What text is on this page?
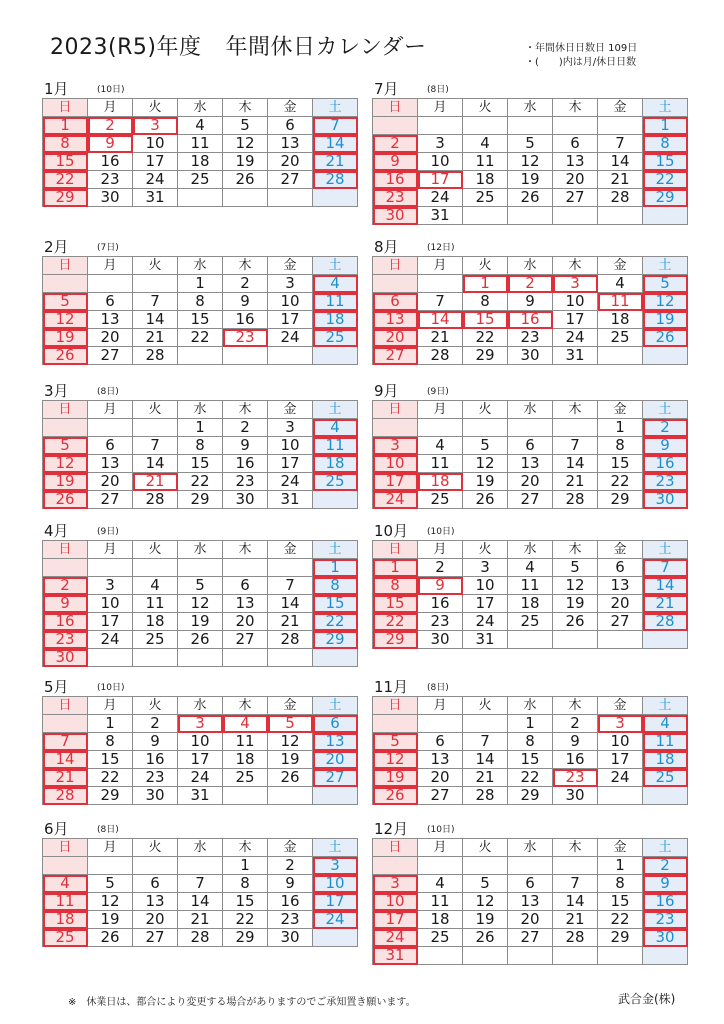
2023(R5)年度 年間休日カレンダー	・年間休日日数日 109日
・(　　)内は月/休日日数
1月	(10日)
日	月	火	水	木	金	土
1	2	3	4	5	6	7
8	9	10	11	12	13	14
15	16	17	18	19	20	21
22	23	24	25	26	27	28
29	30	31				
2月	(7日)
日	月	火	水	木	金	土
			1	2	3	4
5	6	7	8	9	10	11
12	13	14	15	16	17	18
19	20	21	22	23	24	25
26	27	28				
3月	(8日)
日	月	火	水	木	金	土
			1	2	3	4
5	6	7	8	9	10	11
12	13	14	15	16	17	18
19	20	21	22	23	24	25
26	27	28	29	30	31	
4月	(9日)
日	月	火	水	木	金	土
						1
2	3	4	5	6	7	8
9	10	11	12	13	14	15
16	17	18	19	20	21	22
23	24	25	26	27	28	29
30						
5月	(10日)
日	月	火	水	木	金	土
	1	2	3	4	5	6
7	8	9	10	11	12	13
14	15	16	17	18	19	20
21	22	23	24	25	26	27
28	29	30	31			
6月	(8日)
日	月	火	水	木	金	土
				1	2	3
4	5	6	7	8	9	10
11	12	13	14	15	16	17
18	19	20	21	22	23	24
25	26	27	28	29	30	
7月	(8日)
日	月	火	水	木	金	土
						1
2	3	4	5	6	7	8
9	10	11	12	13	14	15
16	17	18	19	20	21	22
23	24	25	26	27	28	29
30	31					
8月	(12日)
日	月	火	水	木	金	土
		1	2	3	4	5
6	7	8	9	10	11	12
13	14	15	16	17	18	19
20	21	22	23	24	25	26
27	28	29	30	31		
9月	(9日)
日	月	火	水	木	金	土
					1	2
3	4	5	6	7	8	9
10	11	12	13	14	15	16
17	18	19	20	21	22	23
24	25	26	27	28	29	30
10月 (10日)
日	月	火	水	木	金	土
1	2	3	4	5	6	7
8	9	10	11	12	13	14
15	16	17	18	19	20	21
22	23	24	25	26	27	28
29	30	31				
11月 (8日)
日	月	火	水	木	金	土
			1	2	3	4
5	6	7	8	9	10	11
12	13	14	15	16	17	18
19	20	21	22	23	24	25
26	27	28	29	30		
12月 (10日)
日	月	火	水	木	金	土
					1	2
3	4	5	6	7	8	9
10	11	12	13	14	15	16
17	18	19	20	21	22	23
24	25	26	27	28	29	30
31						
※　休業日は、都合により変更する場合がありますのでご承知置き願います。	武合金(株)
